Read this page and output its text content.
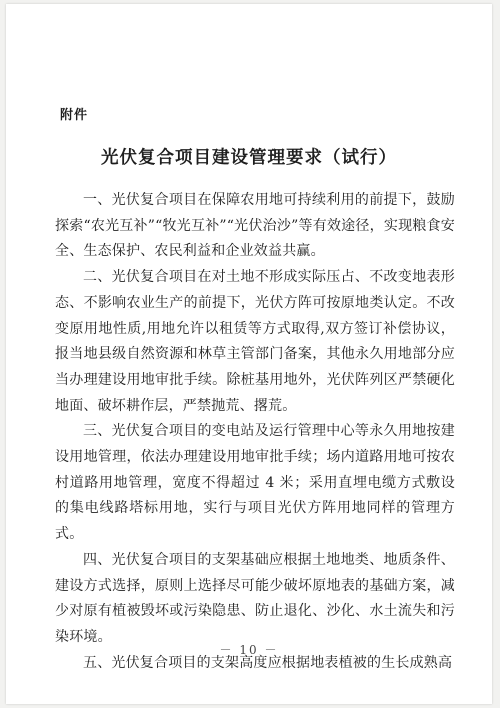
附件
光伏复合项目建设管理要求（试行）

一、光伏复合项目在保障农用地可持续利用的前提下，鼓励探索“农光互补”“牧光互补”“光伏治沙”等有效途径，实现粮食安全、生态保护、农民利益和企业效益共赢。

二、光伏复合项目在对土地不形成实际压占、不改变地表形态、不影响农业生产的前提下，光伏方阵可按原地类认定。不改变原用地性质,用地允许以租赁等方式取得,双方签订补偿协议，报当地县级自然资源和林草主管部门备案，其他永久用地部分应当办理建设用地审批手续。除桩基用地外，光伏阵列区严禁硬化地面、破坏耕作层，严禁抛荒、撂荒。

三、光伏复合项目的变电站及运行管理中心等永久用地按建设用地管理，依法办理建设用地审批手续；场内道路用地可按农村道路用地管理，宽度不得超过 4 米；采用直埋电缆方式敷设的集电线路塔标用地，实行与项目光伏方阵用地同样的管理方式。

四、光伏复合项目的支架基础应根据土地地类、地质条件、建设方式选择，原则上选择尽可能少破坏原地表的基础方案，减少对原有植被毁坏或污染隐患、防止退化、沙化、水土流失和污染环境。

五、光伏复合项目的支架高度应根据地表植被的生长成熟高

－ 10 －
